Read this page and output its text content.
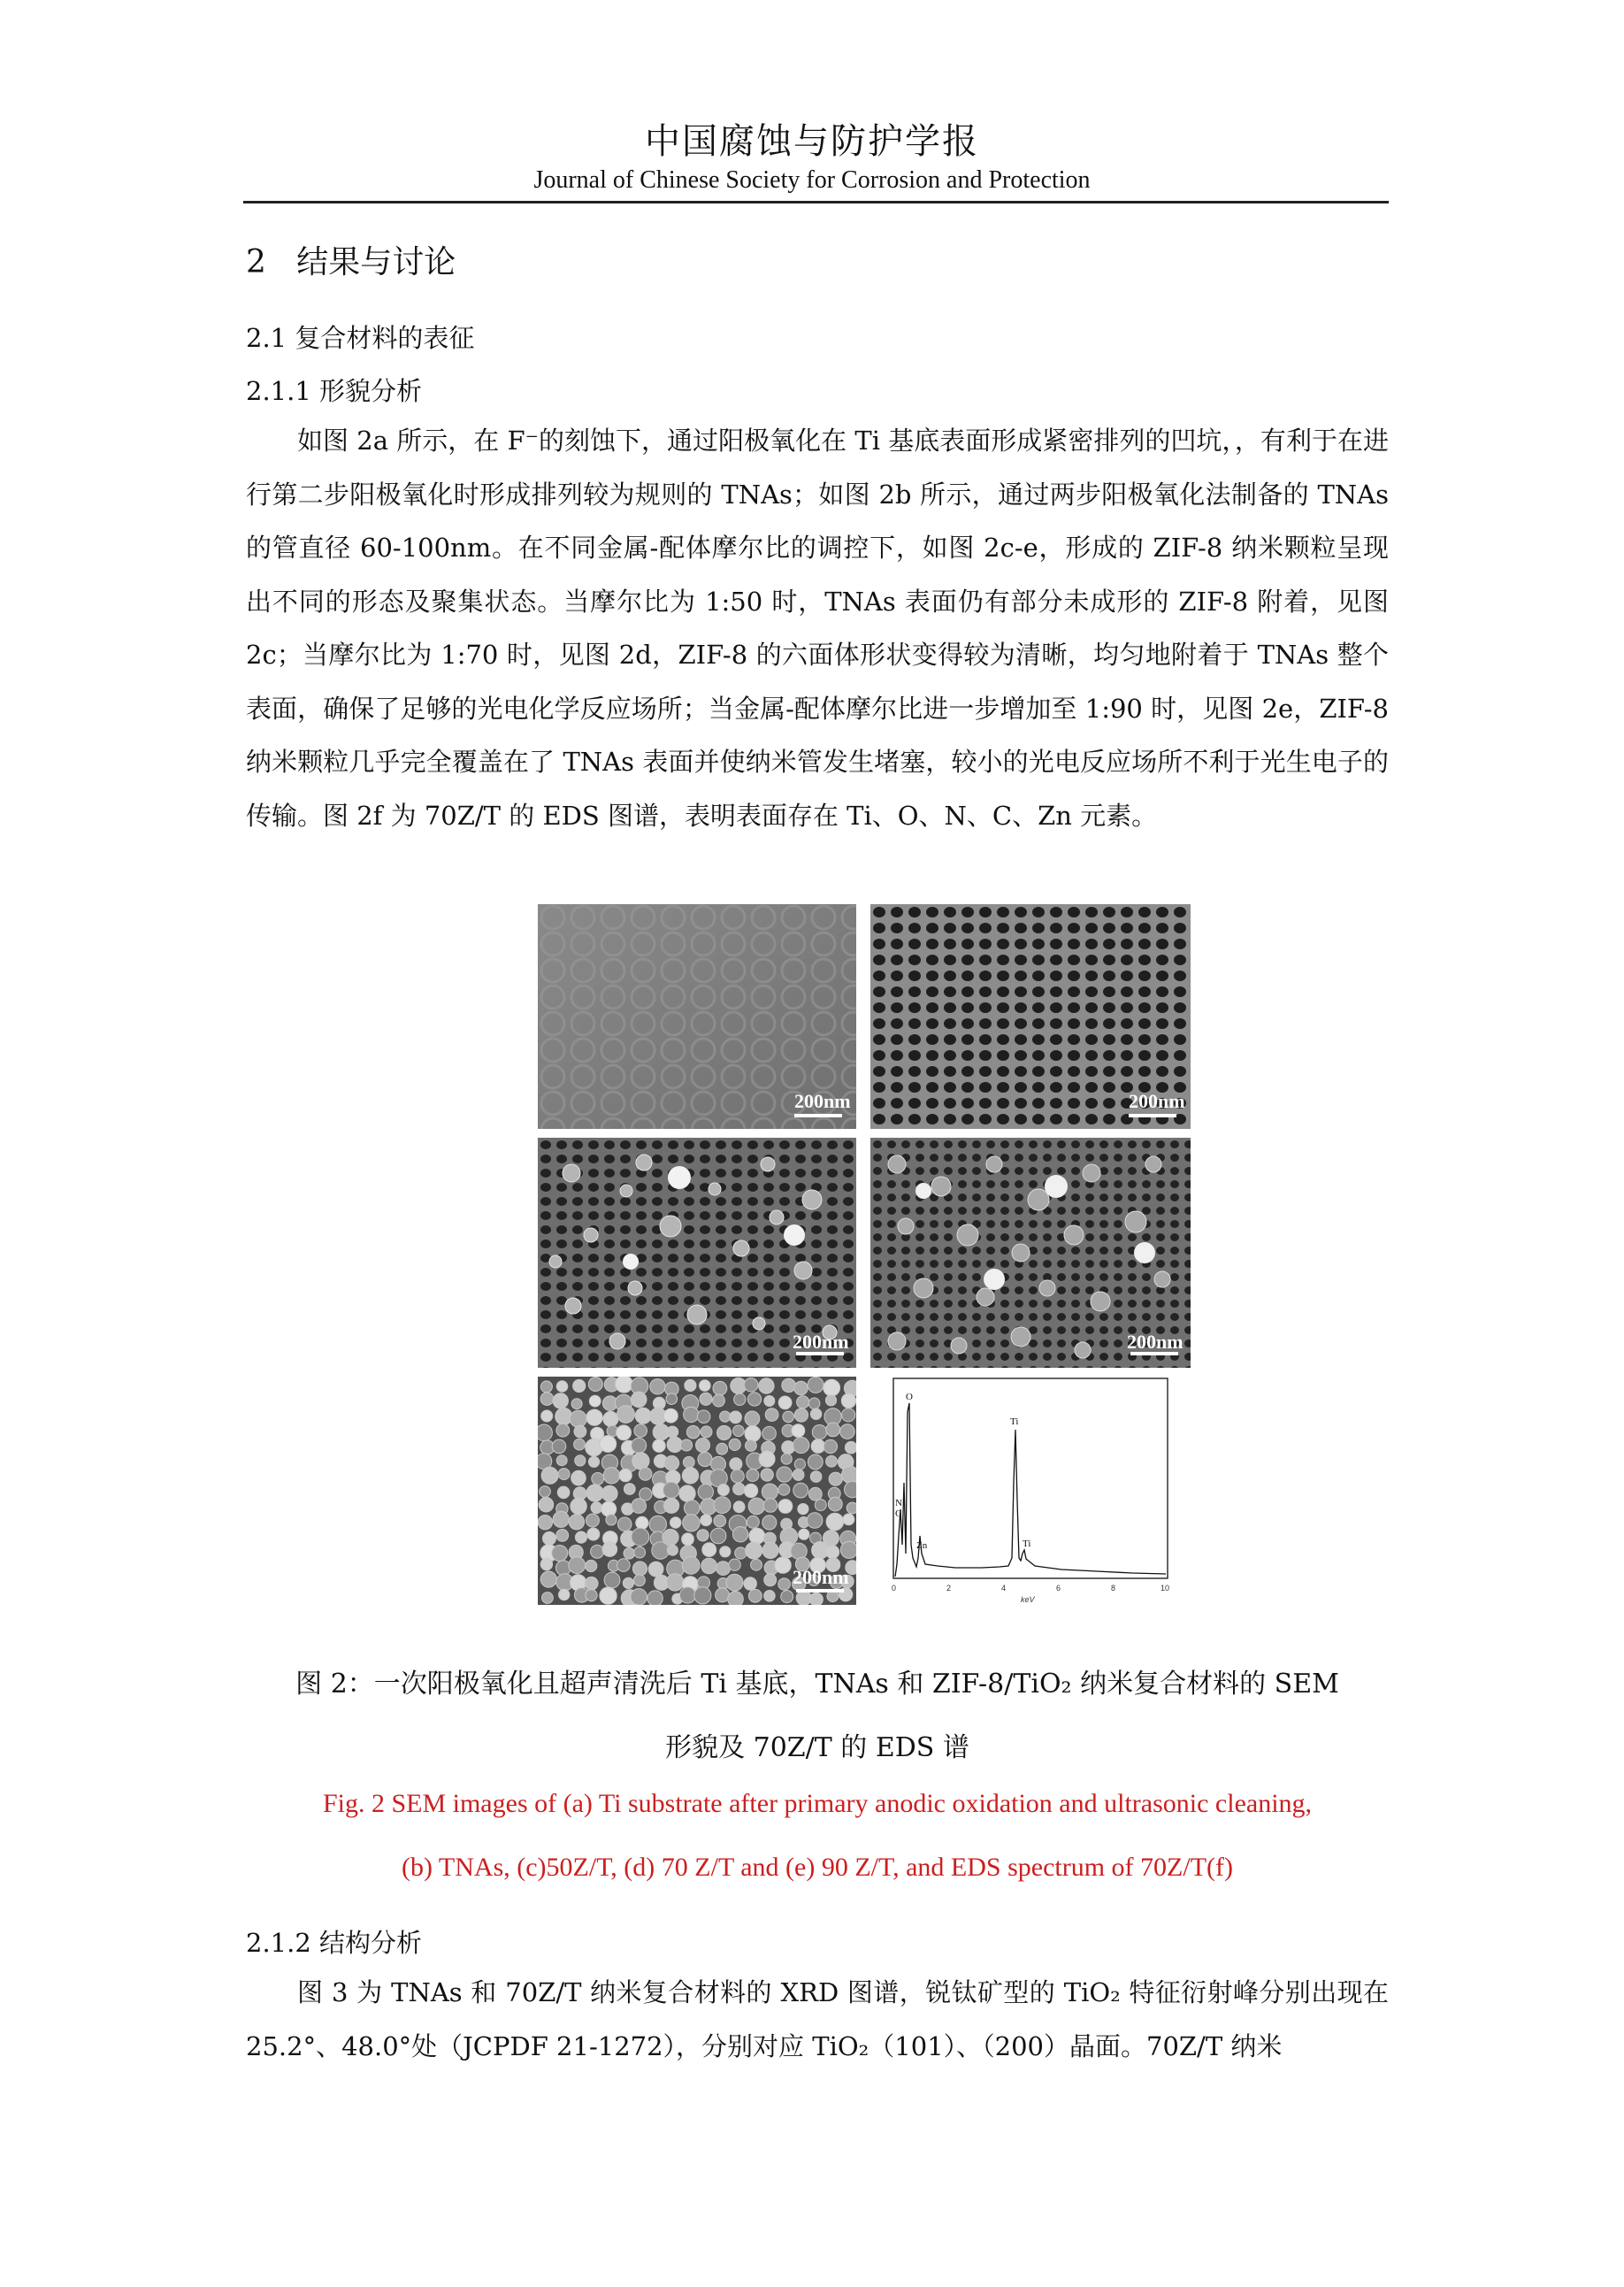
中国腐蚀与防护学报
Journal of Chinese Society for Corrosion and Protection
2   结果与讨论
2.1 复合材料的表征
2.1.1 形貌分析

如图 2a 所示，在 F⁻的刻蚀下，通过阳极氧化在 Ti 基底表面形成紧密排列的凹坑，，有利于在进行第二步阳极氧化时形成排列较为规则的 TNAs；如图 2b 所示，通过两步阳极氧化法制备的 TNAs 的管直径 60-100nm。在不同金属-配体摩尔比的调控下，如图 2c-e，形成的 ZIF-8 纳米颗粒呈现出不同的形态及聚集状态。当摩尔比为 1:50 时，TNAs 表面仍有部分未成形的 ZIF-8 附着，见图 2c；当摩尔比为 1:70 时，见图 2d，ZIF-8 的六面体形状变得较为清晰，均匀地附着于 TNAs 整个表面，确保了足够的光电化学反应场所；当金属-配体摩尔比进一步增加至 1:90 时，见图 2e，ZIF-8 纳米颗粒几乎完全覆盖在了 TNAs 表面并使纳米管发生堵塞，较小的光电反应场所不利于光生电子的传输。图 2f 为 70Z/T 的 EDS 图谱，表明表面存在 Ti、O、N、C、Zn 元素。

200nm	200nm
200nm	200nm
200nm
O
N
C
Zn
Ti
Ti
0	2	4	6	8	10
keV
图 2：一次阳极氧化且超声清洗后 Ti 基底，TNAs 和 ZIF-8/TiO₂ 纳米复合材料的 SEM
形貌及 70Z/T 的 EDS 谱
Fig. 2 SEM images of (a) Ti substrate after primary anodic oxidation and ultrasonic cleaning,
(b) TNAs, (c)50Z/T, (d) 70 Z/T and (e) 90 Z/T, and EDS spectrum of 70Z/T(f)
2.1.2 结构分析

图 3 为 TNAs 和 70Z/T 纳米复合材料的 XRD 图谱，锐钛矿型的 TiO₂ 特征衍射峰分别出现在 25.2°、48.0°处（JCPDF 21-1272），分别对应 TiO₂（101）、（200）晶面。70Z/T 纳米
